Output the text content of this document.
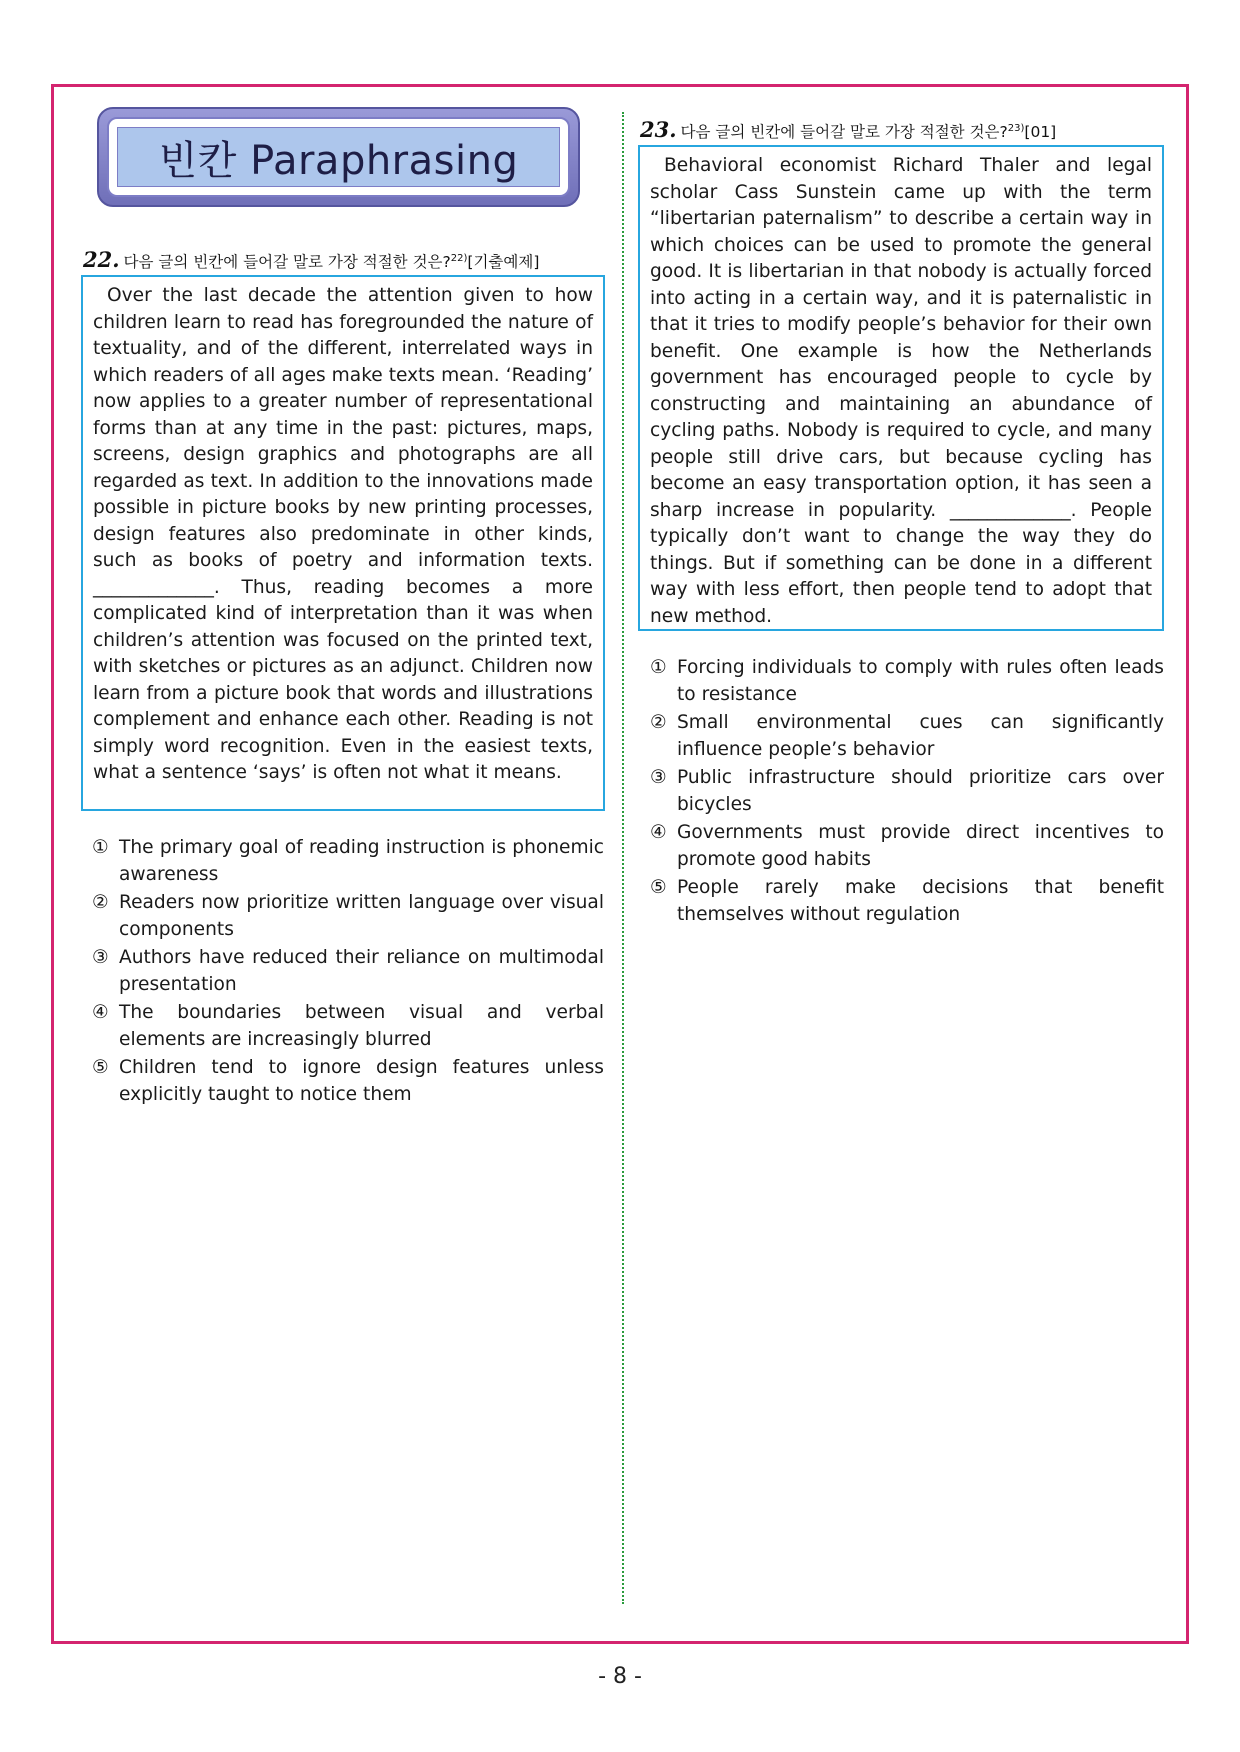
빈칸 Paraphrasing
22. 다음 글의 빈칸에 들어갈 말로 가장 적절한 것은?$^{22)}$[기출예제]

Over the last decade the attention given to how children learn to read has foregrounded the nature of textuality, and of the different, interrelated ways in which readers of all ages make texts mean. ‘Reading’ now applies to a greater number of representational forms than at any time in the past: pictures, maps, screens, design graphics and photographs are all regarded as text. In addition to the innovations made possible in picture books by new printing processes, design features also predominate in other kinds, such as books of poetry and information texts. _____________. Thus, reading becomes a more complicated kind of interpretation than it was when children’s attention was focused on the printed text, with sketches or pictures as an adjunct. Children now learn from a picture book that words and illustrations complement and enhance each other. Reading is not simply word recognition. Even in the easiest texts, what a sentence ‘says’ is often not what it means.

① The primary goal of reading instruction is phonemic awareness
② Readers now prioritize written language over visual components
③ Authors have reduced their reliance on multimodal presentation
④ The boundaries between visual and verbal elements are increasingly blurred
⑤ Children tend to ignore design features unless explicitly taught to notice them
23. 다음 글의 빈칸에 들어갈 말로 가장 적절한 것은?$^{23)}$[01]

Behavioral economist Richard Thaler and legal scholar Cass Sunstein came up with the term “libertarian paternalism” to describe a certain way in which choices can be used to promote the general good. It is libertarian in that nobody is actually forced into acting in a certain way, and it is paternalistic in that it tries to modify people’s behavior for their own benefit. One example is how the Netherlands government has encouraged people to cycle by constructing and maintaining an abundance of cycling paths. Nobody is required to cycle, and many people still drive cars, but because cycling has become an easy transportation option, it has seen a sharp increase in popularity. _____________. People typically don’t want to change the way they do things. But if something can be done in a different way with less effort, then people tend to adopt that new method.

① Forcing individuals to comply with rules often leads to resistance
② Small environmental cues can significantly influence people’s behavior
③ Public infrastructure should prioritize cars over bicycles
④ Governments must provide direct incentives to promote good habits
⑤ People rarely make decisions that benefit themselves without regulation
- 8 -
